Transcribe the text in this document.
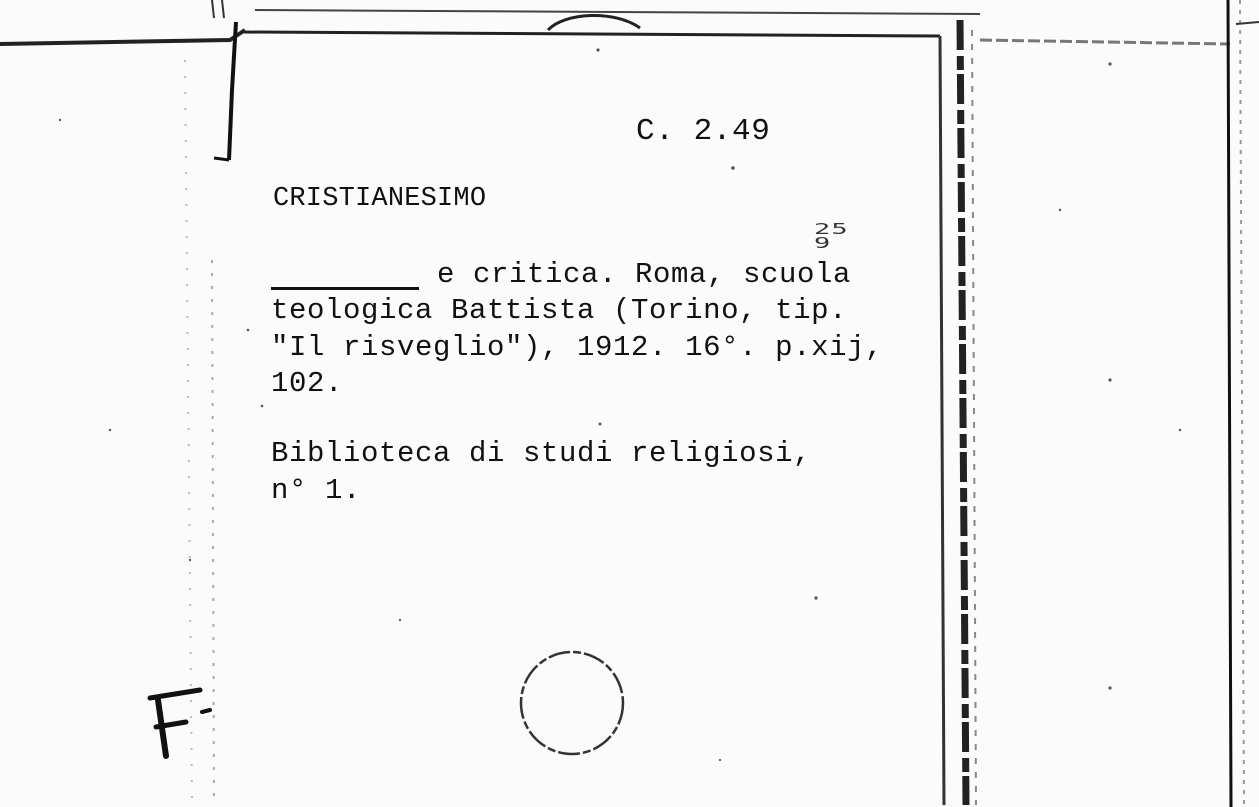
C. 2.49
CRISTIANESIMO
259
e critica. Roma, scuola
teologica Battista (Torino, tip.
"Il risveglio"), 1912. 16°. p.xij,
102.
Biblioteca di studi religiosi,
n° 1.
